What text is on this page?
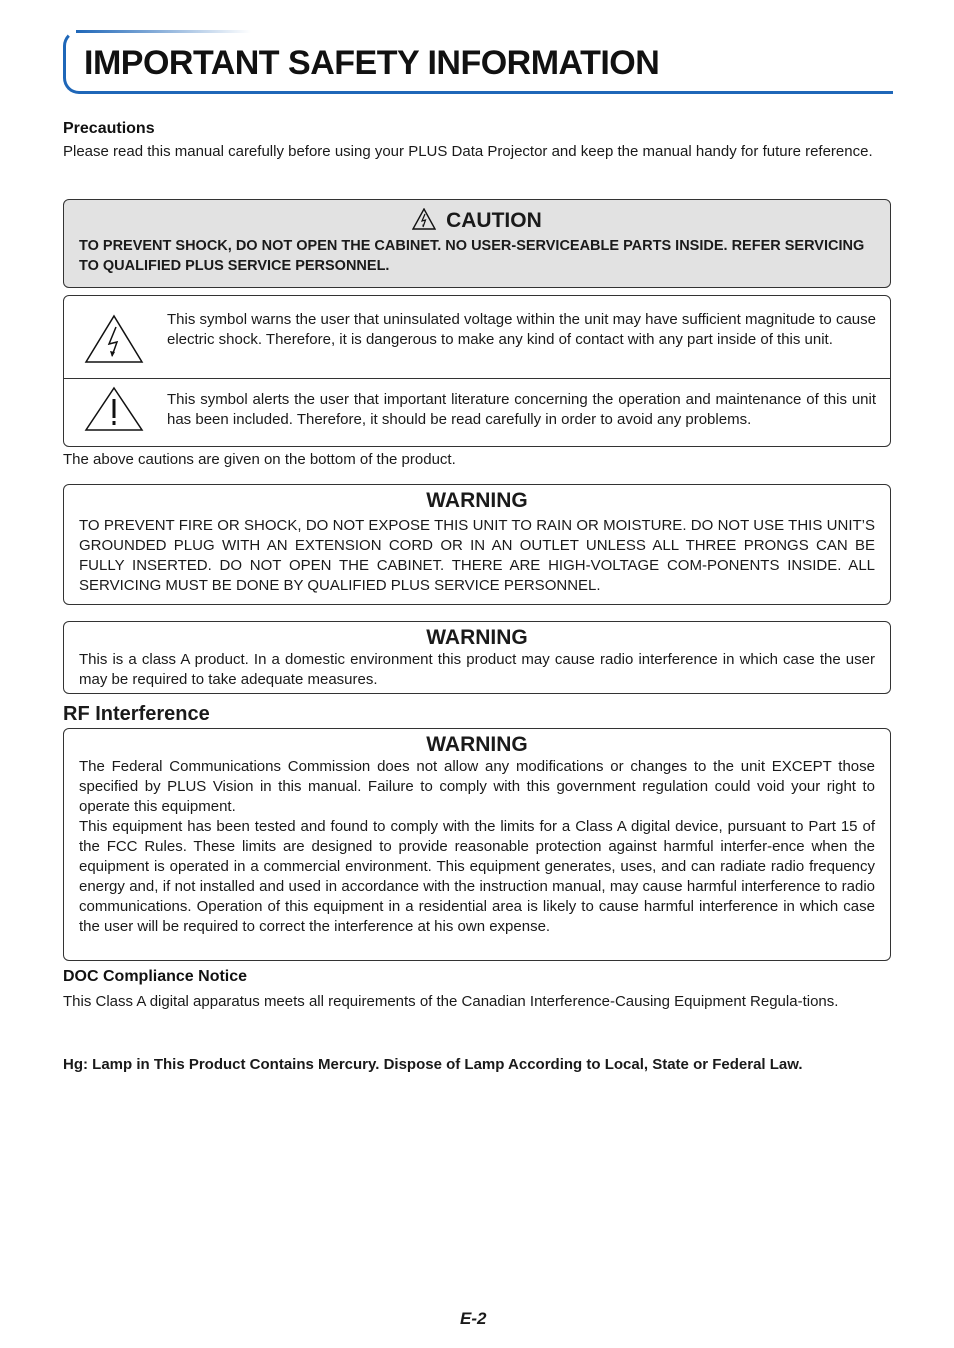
IMPORTANT SAFETY INFORMATION

Precautions

Please read this manual carefully before using your PLUS Data Projector and keep the manual handy for future reference.

CAUTION

TO PREVENT SHOCK, DO NOT OPEN THE CABINET. NO USER-SERVICEABLE PARTS INSIDE. REFER SERVICING TO QUALIFIED PLUS SERVICE PERSONNEL.

This symbol warns the user that uninsulated voltage within the unit may have sufficient magnitude to cause electric shock. Therefore, it is dangerous to make any kind of contact with any part inside of this unit.

This symbol alerts the user that important literature concerning the operation and maintenance of this unit has been included. Therefore, it should be read carefully in order to avoid any problems.

The above cautions are given on the bottom of the product.

WARNING

TO PREVENT FIRE OR SHOCK, DO NOT EXPOSE THIS UNIT TO RAIN OR MOISTURE. DO NOT USE THIS UNIT’S GROUNDED PLUG WITH AN EXTENSION CORD OR IN AN OUTLET UNLESS ALL THREE PRONGS CAN BE FULLY INSERTED. DO NOT OPEN THE CABINET. THERE ARE HIGH-VOLTAGE COM-PONENTS INSIDE. ALL SERVICING MUST BE DONE BY QUALIFIED PLUS SERVICE PERSONNEL.

WARNING

This is a class A product. In a domestic environment this product may cause radio interference in which case the user may be required to take adequate measures.

RF Interference

WARNING

The Federal Communications Commission does not allow any modifications or changes to the unit EXCEPT those specified by PLUS Vision in this manual. Failure to comply with this government regulation could void your right to operate this equipment.

This equipment has been tested and found to comply with the limits for a Class A digital device, pursuant to Part 15 of the FCC Rules. These limits are designed to provide reasonable protection against harmful interfer-ence when the equipment is operated in a commercial environment. This equipment generates, uses, and can radiate radio frequency energy and, if not installed and used in accordance with the instruction manual, may cause harmful interference to radio communications. Operation of this equipment in a residential area is likely to cause harmful interference in which case the user will be required to correct the interference at his own expense.

DOC Compliance Notice

This Class A digital apparatus meets all requirements of the Canadian Interference-Causing Equipment Regula-tions.

Hg: Lamp in This Product Contains Mercury. Dispose of Lamp According to Local, State or Federal Law.

E-2
